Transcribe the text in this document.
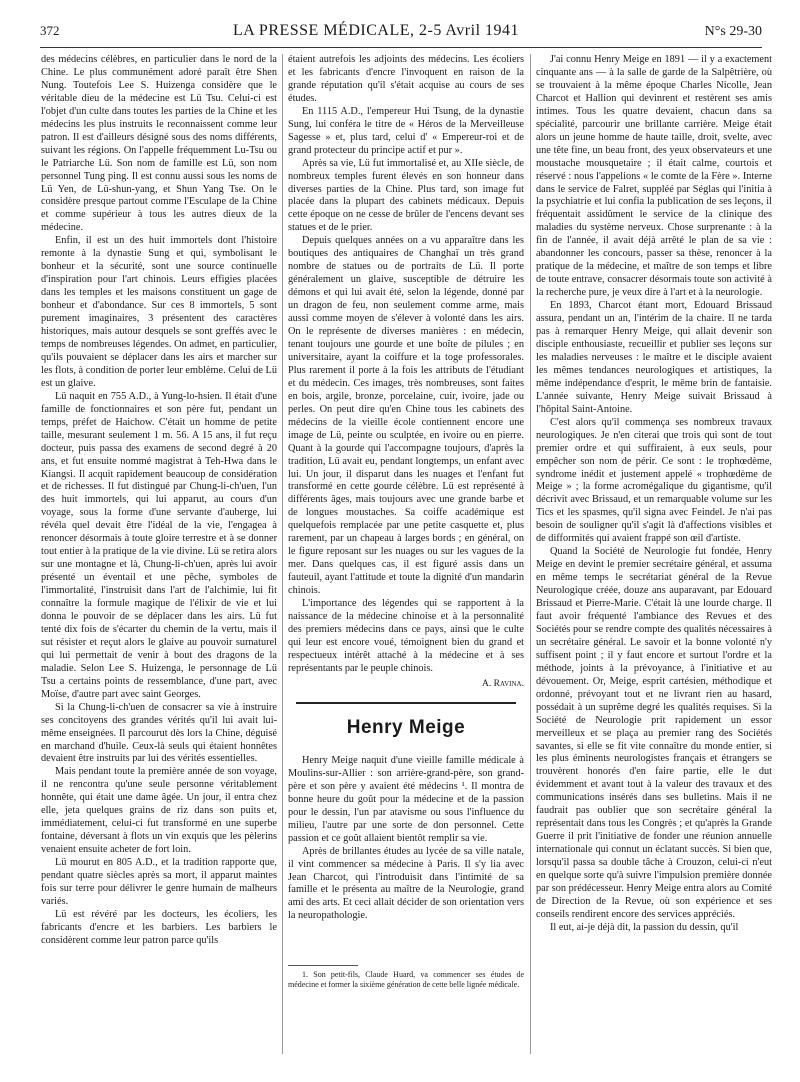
372	LA PRESSE MÉDICALE, 2-5 Avril 1941	N°s 29-30

des médecins célèbres, en particulier dans le nord de la Chine. Le plus communément adoré paraît être Shen Nung. Toutefois Lee S. Huizenga considère que le véritable dieu de la médecine est Lü Tsu. Celui-ci est l'objet d'un culte dans toutes les parties de la Chine et les médecins les plus instruits le reconnaissent comme leur patron. Il est d'ailleurs désigné sous des noms différents, suivant les régions. On l'appelle fréquemment Lu-Tsu ou le Patriarche Lü. Son nom de famille est Lü, son nom personnel Tung ping. Il est connu aussi sous les noms de Lü Yen, de Lü-shun-yang, et Shun Yang Tse. On le considère presque partout comme l'Esculape de la Chine et comme supérieur à tous les autres dieux de la médecine.

Enfin, il est un des huit immortels dont l'histoire remonte à la dynastie Sung et qui, symbolisant le bonheur et la sécurité, sont une source continuelle d'inspiration pour l'art chinois. Leurs effigies placées dans les temples et les maisons constituent un gage de bonheur et d'abondance. Sur ces 8 immortels, 5 sont purement imaginaires, 3 présentent des caractères historiques, mais autour desquels se sont greffés avec le temps de nombreuses légendes. On admet, en particulier, qu'ils pouvaient se déplacer dans les airs et marcher sur les flots, à condition de porter leur emblème. Celui de Lü est un glaive.

Lü naquit en 755 A.D., à Yung-lo-hsien. Il était d'une famille de fonctionnaires et son père fut, pendant un temps, préfet de Haichow. C'était un homme de petite taille, mesurant seulement 1 m. 56. A 15 ans, il fut reçu docteur, puis passa des examens de second degré à 20 ans, et fut ensuite nommé magistrat à Teh-Hwa dans le Kiangsi. Il acquit rapidement beaucoup de considération et de richesses. Il fut distingué par Chung-li-ch'uen, l'un des huit immortels, qui lui apparut, au cours d'un voyage, sous la forme d'une servante d'auberge, lui révéla quel devait être l'idéal de la vie, l'engagea à renoncer désormais à toute gloire terrestre et à se donner tout entier à la pratique de la vie divine. Lü se retira alors sur une montagne et là, Chung-li-ch'uen, après lui avoir présenté un éventail et une pêche, symboles de l'immortalité, l'instruisit dans l'art de l'alchimie, lui fit connaître la formule magique de l'élixir de vie et lui donna le pouvoir de se déplacer dans les airs. Lü fut tenté dix fois de s'écarter du chemin de la vertu, mais il sut résister et reçut alors le glaive au pouvoir surnaturel qui lui permettait de venir à bout des dragons de la maladie. Selon Lee S. Huizenga, le personnage de Lü Tsu a certains points de ressemblance, d'une part, avec Moïse, d'autre part avec saint Georges.

Si la Chung-li-ch'uen de consacrer sa vie à instruire ses concitoyens des grandes vérités qu'il lui avait lui-même enseignées. Il parcourut dès lors la Chine, déguisé en marchand d'huile. Ceux-là seuls qui étaient honnêtes devaient être instruits par lui des vérités essentielles.

Mais pendant toute la première année de son voyage, il ne rencontra qu'une seule personne véritablement honnête, qui était une dame âgée. Un jour, il entra chez elle, jeta quelques grains de riz dans son puits et, immédiatement, celui-ci fut transformé en une superbe fontaine, déversant à flots un vin exquis que les pèlerins venaient ensuite acheter de fort loin.

Lü mourut en 805 A.D., et la tradition rapporte que, pendant quatre siècles après sa mort, il apparut maintes fois sur terre pour délivrer le genre humain de malheurs variés.

Lü est révéré par les docteurs, les écoliers, les fabricants d'encre et les barbiers. Les barbiers le considèrent comme leur patron parce qu'ils

étaient autrefois les adjoints des médecins. Les écoliers et les fabricants d'encre l'invoquent en raison de la grande réputation qu'il s'était acquise au cours de ses études.

En 1115 A.D., l'empereur Hui Tsung, de la dynastie Sung, lui conféra le titre de « Héros de la Merveilleuse Sagesse » et, plus tard, celui d' « Empereur-roi et de grand protecteur du principe actif et pur ».

Après sa vie, Lü fut immortalisé et, au XIIe siècle, de nombreux temples furent élevés en son honneur dans diverses parties de la Chine. Plus tard, son image fut placée dans la plupart des cabinets médicaux. Depuis cette époque on ne cesse de brûler de l'encens devant ses statues et de le prier.

Depuis quelques années on a vu apparaître dans les boutiques des antiquaires de Changhaï un très grand nombre de statues ou de portraits de Lü. Il porte généralement un glaive, susceptible de détruire les démons et qui lui avait été, selon la légende, donné par un dragon de feu, non seulement comme arme, mais aussi comme moyen de s'élever à volonté dans les airs. On le représente de diverses manières : en médecin, tenant toujours une gourde et une boîte de pilules ; en universitaire, ayant la coiffure et la toge professorales. Plus rarement il porte à la fois les attributs de l'étudiant et du médecin. Ces images, très nombreuses, sont faites en bois, argile, bronze, porcelaine, cuir, ivoire, jade ou perles. On peut dire qu'en Chine tous les cabinets des médecins de la vieille école contiennent encore une image de Lü, peinte ou sculptée, en ivoire ou en pierre. Quant à la gourde qui l'accompagne toujours, d'après la tradition, Lü avait eu, pendant longtemps, un enfant avec lui. Un jour, il disparut dans les nuages et l'enfant fut transformé en cette gourde célèbre. Lü est représenté à différents âges, mais toujours avec une grande barbe et de longues moustaches. Sa coiffe académique est quelquefois remplacée par une petite casquette et, plus rarement, par un chapeau à larges bords ; en général, on le figure reposant sur les nuages ou sur les vagues de la mer. Dans quelques cas, il est figuré assis dans un fauteuil, ayant l'attitude et toute la dignité d'un mandarin chinois.

L'importance des légendes qui se rapportent à la naissance de la médecine chinoise et à la personnalité des premiers médecins dans ce pays, ainsi que le culte qui leur est encore voué, témoignent bien du grand et respectueux intérêt attaché à la médecine et à ses représentants par le peuple chinois.

A. Ravina.
Henry Meige

Henry Meige naquit d'une vieille famille médicale à Moulins-sur-Allier : son arrière-grand-père, son grand-père et son père y avaient été médecins ¹. Il montra de bonne heure du goût pour la médecine et de la passion pour le dessin, l'un par atavisme ou sous l'influence du milieu, l'autre par une sorte de don personnel. Cette passion et ce goût allaient bientôt remplir sa vie.

Après de brillantes études au lycée de sa ville natale, il vint commencer sa médecine à Paris. Il s'y lia avec Jean Charcot, qui l'introduisit dans l'intimité de sa famille et le présenta au maître de la Neurologie, grand ami des arts. Et ceci allait décider de son orientation vers la neuropathologie.

1. Son petit-fils, Claude Huard, va commencer ses études de médecine et former la sixième génération de cette belle lignée médicale.

J'ai connu Henry Meige en 1891 — il y a exactement cinquante ans — à la salle de garde de la Salpêtrière, où se trouvaient à la même époque Charles Nicolle, Jean Charcot et Hallion qui devinrent et restèrent ses amis intimes. Tous les quatre devaient, chacun dans sa spécialité, parcourir une brillante carrière. Meige était alors un jeune homme de haute taille, droit, svelte, avec une tête fine, un beau front, des yeux observateurs et une moustache mousquetaire ; il était calme, courtois et réservé : nous l'appelions « le comte de la Fère ». Interne dans le service de Falret, suppléé par Séglas qui l'initia à la psychiatrie et lui confia la publication de ses leçons, il fréquentait assidûment le service de la clinique des maladies du système nerveux. Chose surprenante : à la fin de l'année, il avait déjà arrêté le plan de sa vie : abandonner les concours, passer sa thèse, renoncer à la pratique de la médecine, et maître de son temps et libre de toute entrave, consacrer désormais toute son activité à la recherche pure, je veux dire à l'art et à la neurologie.

En 1893, Charcot étant mort, Edouard Brissaud assura, pendant un an, l'intérim de la chaire. Il ne tarda pas à remarquer Henry Meige, qui allait devenir son disciple enthousiaste, recueillir et publier ses leçons sur les maladies nerveuses : le maître et le disciple avaient les mêmes tendances neurologiques et artistiques, la même indépendance d'esprit, le même brin de fantaisie. L'année suivante, Henry Meige suivait Brissaud à l'hôpital Saint-Antoine.

C'est alors qu'il commença ses nombreux travaux neurologiques. Je n'en citerai que trois qui sont de tout premier ordre et qui suffiraient, à eux seuls, pour empêcher son nom de périr. Ce sont : le trophœdème, syndrome inédit et justement appelé « trophœdème de Meige » ; la forme acromégalique du gigantisme, qu'il décrivit avec Brissaud, et un remarquable volume sur les Tics et les spasmes, qu'il signa avec Feindel. Je n'ai pas besoin de souligner qu'il s'agit là d'affections visibles et de difformités qui avaient frappé son œil d'artiste.

Quand la Société de Neurologie fut fondée, Henry Meige en devint le premier secrétaire général, et assuma en même temps le secrétariat général de la Revue Neurologique créée, douze ans auparavant, par Edouard Brissaud et Pierre-Marie. C'était là une lourde charge. Il faut avoir fréquenté l'ambiance des Revues et des Sociétés pour se rendre compte des qualités nécessaires à un secrétaire général. Le savoir et la bonne volonté n'y suffisent point ; il y faut encore et surtout l'ordre et la méthode, joints à la prévoyance, à l'initiative et au dévouement. Or, Meige, esprit cartésien, méthodique et ordonné, prévoyant tout et ne livrant rien au hasard, possédait à un suprême degré les qualités requises. Si la Société de Neurologie prit rapidement un essor merveilleux et se plaça au premier rang des Sociétés savantes, si elle se fit vite connaître du monde entier, si les plus éminents neurologistes français et étrangers se trouvèrent honorés d'en faire partie, elle le dut évidemment et avant tout à la valeur des travaux et des communications insérés dans ses bulletins. Mais il ne faudrait pas oublier que son secrétaire général la représentait dans tous les Congrès ; et qu'après la Grande Guerre il prit l'initiative de fonder une réunion annuelle internationale qui connut un éclatant succès. Si bien que, lorsqu'il passa sa double tâche à Crouzon, celui-ci n'eut en quelque sorte qu'à suivre l'impulsion première donnée par son prédécesseur. Henry Meige entra alors au Comité de Direction de la Revue, où son expérience et ses conseils rendirent encore des services appréciés.

Il eut, ai-je déjà dit, la passion du dessin, qu'il
